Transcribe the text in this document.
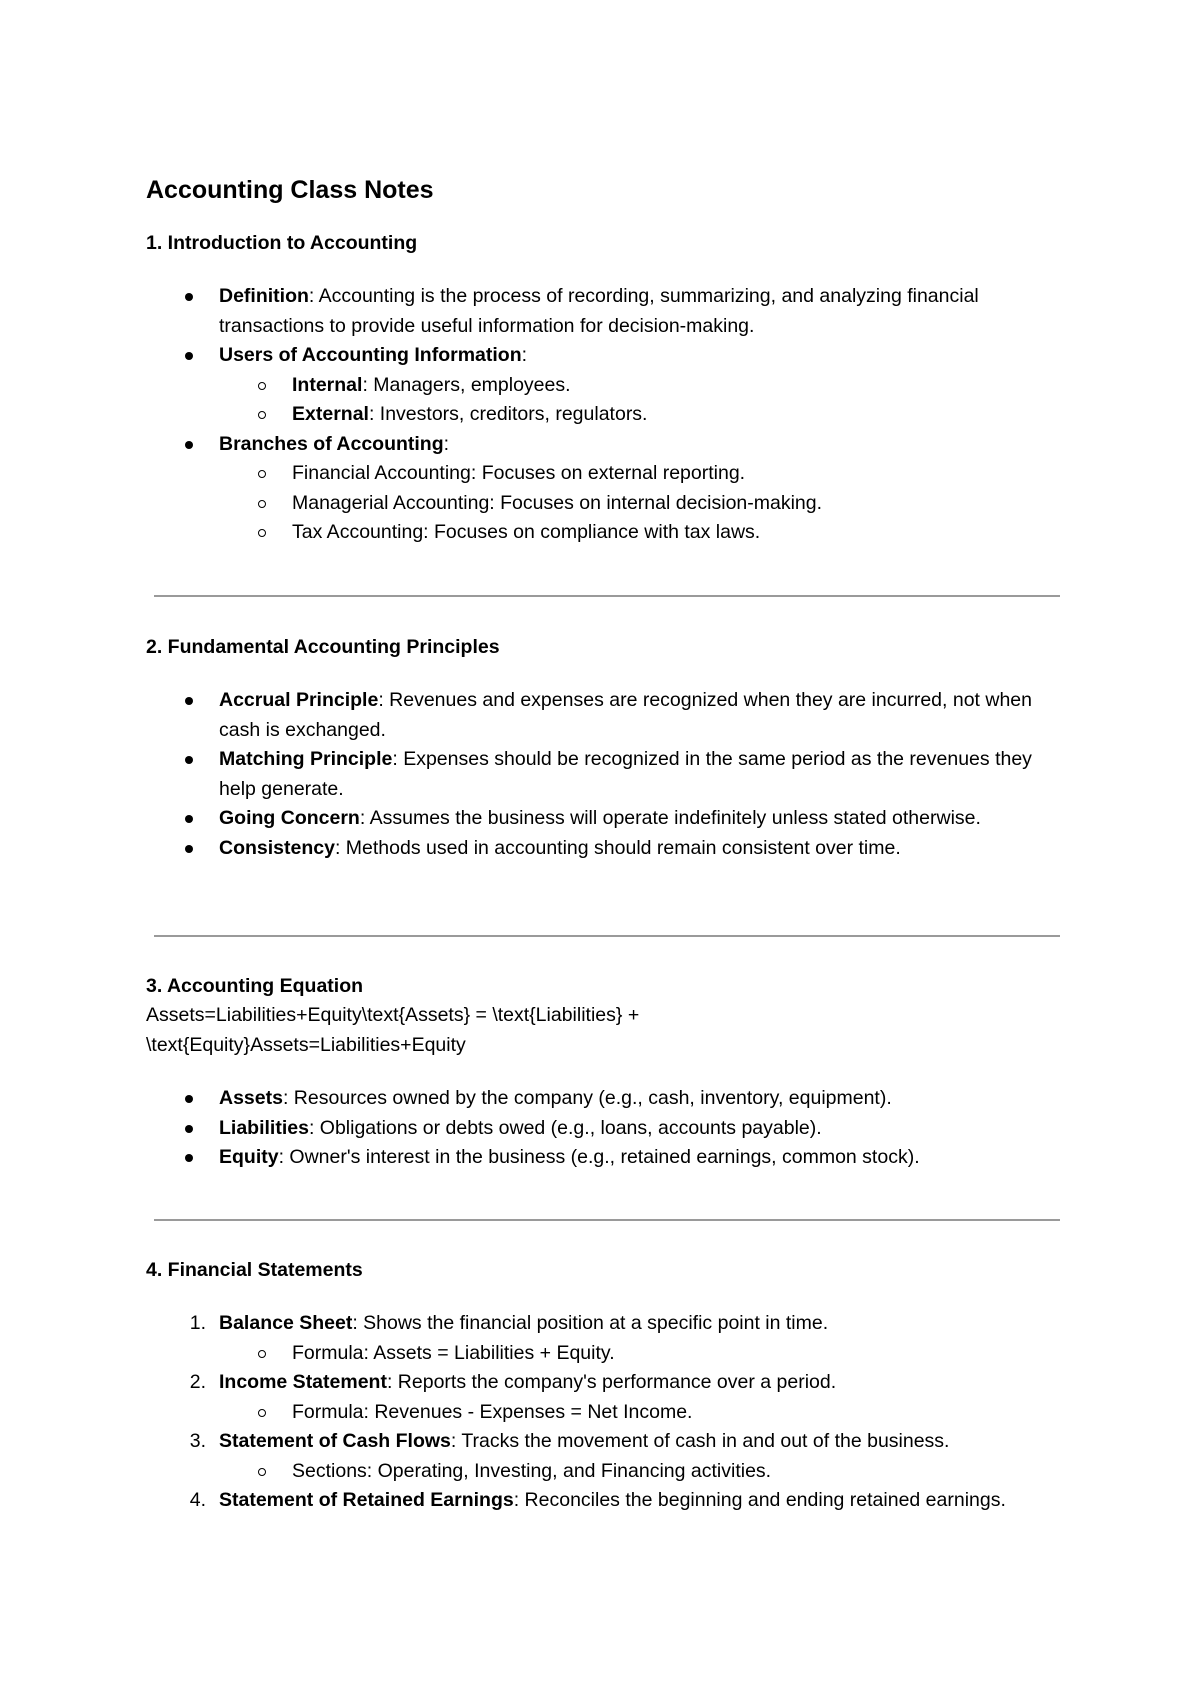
Accounting Class Notes
1. Introduction to Accounting
Definition: Accounting is the process of recording, summarizing, and analyzing financial transactions to provide useful information for decision-making.
Users of Accounting Information:
Internal: Managers, employees.
External: Investors, creditors, regulators.
Branches of Accounting:
Financial Accounting: Focuses on external reporting.
Managerial Accounting: Focuses on internal decision-making.
Tax Accounting: Focuses on compliance with tax laws.
2. Fundamental Accounting Principles
Accrual Principle: Revenues and expenses are recognized when they are incurred, not when cash is exchanged.
Matching Principle: Expenses should be recognized in the same period as the revenues they help generate.
Going Concern: Assumes the business will operate indefinitely unless stated otherwise.
Consistency: Methods used in accounting should remain consistent over time.
3. Accounting Equation

Assets=Liabilities+Equity\text{Assets} = \text{Liabilities} + \text{Equity}Assets=Liabilities+Equity

Assets: Resources owned by the company (e.g., cash, inventory, equipment).
Liabilities: Obligations or debts owed (e.g., loans, accounts payable).
Equity: Owner's interest in the business (e.g., retained earnings, common stock).
4. Financial Statements
1. Balance Sheet: Shows the financial position at a specific point in time.
Formula: Assets = Liabilities + Equity.
2. Income Statement: Reports the company's performance over a period.
Formula: Revenues - Expenses = Net Income.
3. Statement of Cash Flows: Tracks the movement of cash in and out of the business.
Sections: Operating, Investing, and Financing activities.
4. Statement of Retained Earnings: Reconciles the beginning and ending retained earnings.
